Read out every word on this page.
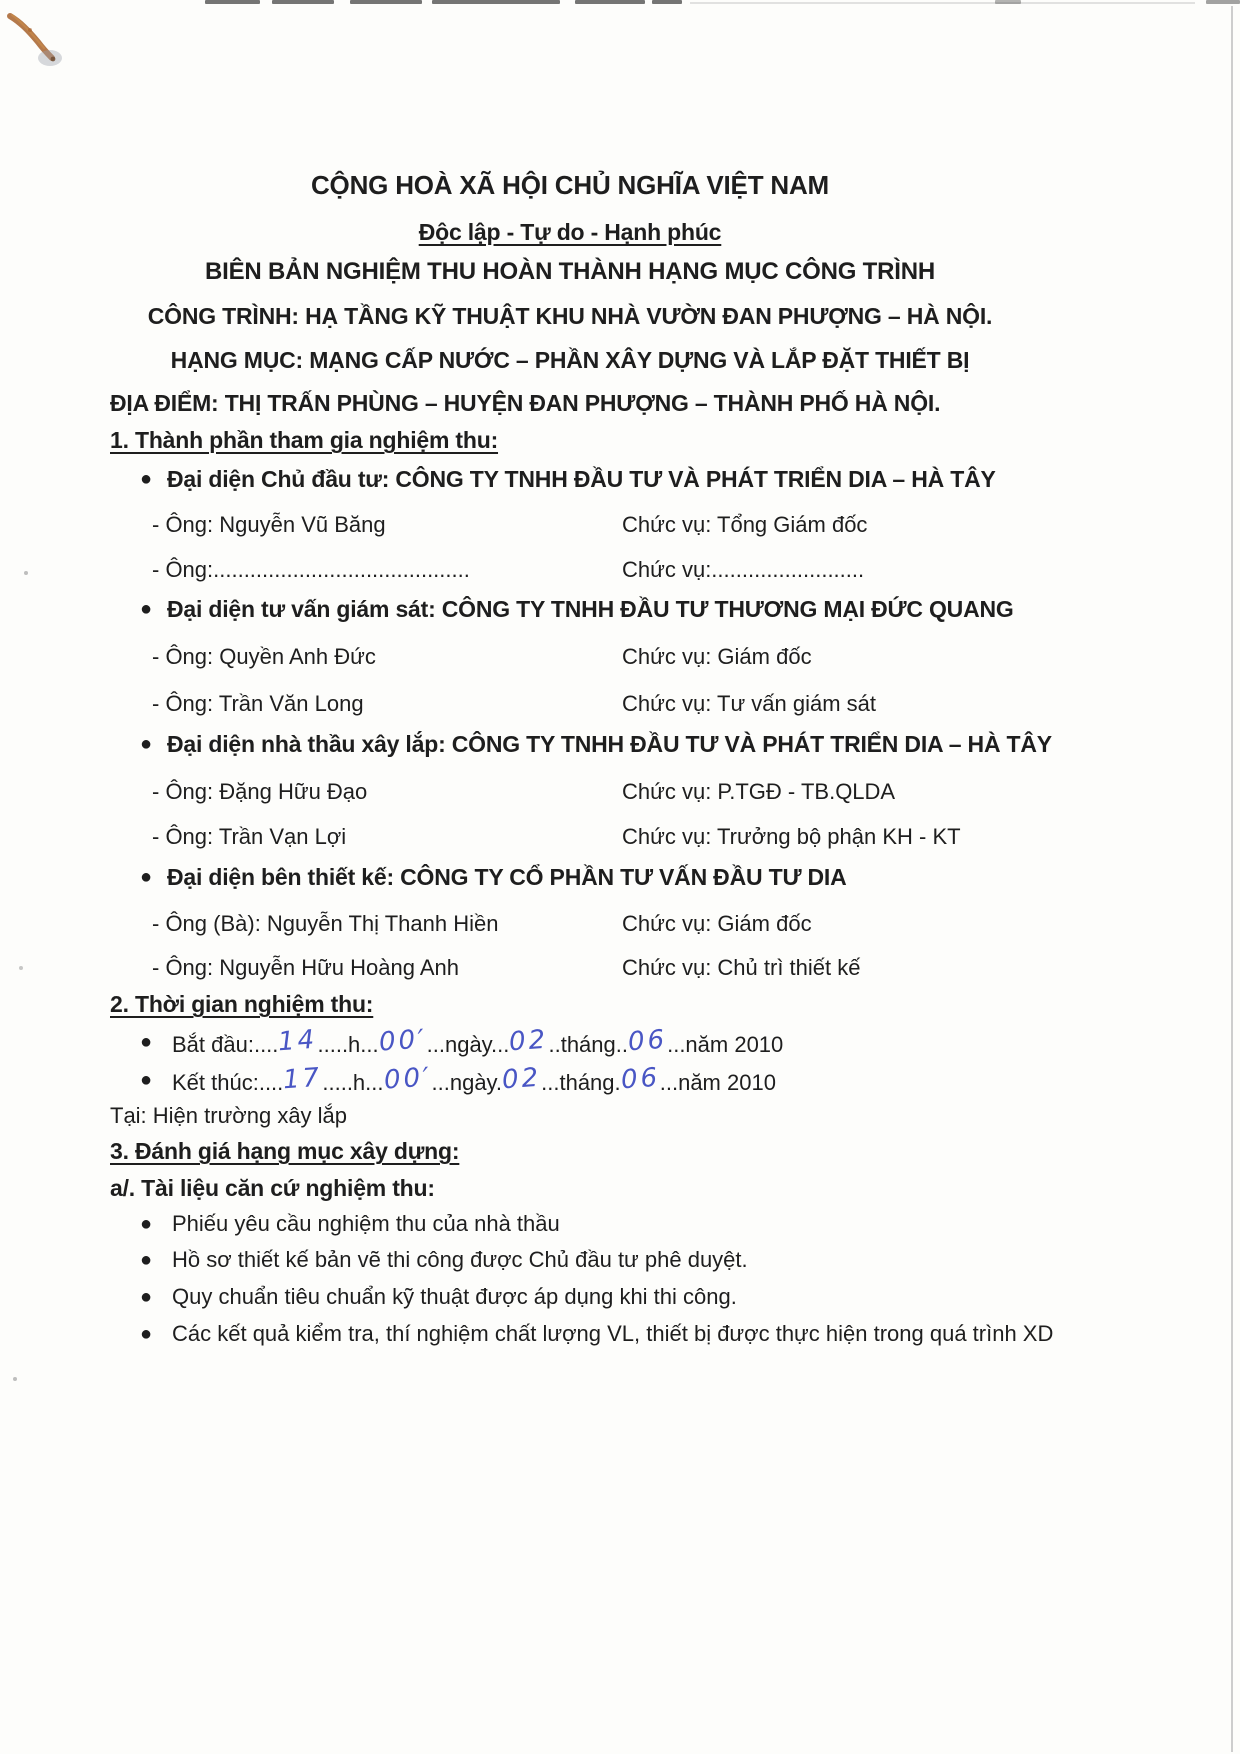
CỘNG HOÀ XÃ HỘI CHỦ NGHĨA VIỆT NAM
Độc lập - Tự do - Hạnh phúc
BIÊN BẢN NGHIỆM THU HOÀN THÀNH HẠNG MỤC CÔNG TRÌNH
CÔNG TRÌNH: HẠ TẦNG KỸ THUẬT KHU NHÀ VƯỜN ĐAN PHƯỢNG – HÀ NỘI.
HẠNG MỤC: MẠNG CẤP NƯỚC – PHẦN XÂY DỰNG VÀ LẮP ĐẶT THIẾT BỊ
ĐỊA ĐIỂM: THỊ TRẤN PHÙNG – HUYỆN ĐAN PHƯỢNG – THÀNH PHỐ HÀ NỘI.
1. Thành phần tham gia nghiệm thu:
● Đại diện Chủ đầu tư: CÔNG TY TNHH ĐẦU TƯ VÀ PHÁT TRIỂN DIA – HÀ TÂY
- Ông: Nguyễn Vũ Băng	Chức vụ: Tổng Giám đốc
- Ông:..........................................	Chức vụ:.........................
● Đại diện tư vấn giám sát: CÔNG TY TNHH ĐẦU TƯ THƯƠNG MẠI ĐỨC QUANG
- Ông: Quyền Anh Đức	Chức vụ: Giám đốc
- Ông: Trần Văn Long	Chức vụ: Tư vấn giám sát
● Đại diện nhà thầu xây lắp: CÔNG TY TNHH ĐẦU TƯ VÀ PHÁT TRIỂN DIA – HÀ TÂY
- Ông: Đặng Hữu Đạo	Chức vụ: P.TGĐ - TB.QLDA
- Ông: Trần Vạn Lợi	Chức vụ: Trưởng bộ phận KH - KT
● Đại diện bên thiết kế: CÔNG TY CỔ PHẦN TƯ VẤN ĐẦU TƯ DIA
- Ông (Bà): Nguyễn Thị Thanh Hiền	Chức vụ: Giám đốc
- Ông: Nguyễn Hữu Hoàng Anh	Chức vụ: Chủ trì thiết kế
2. Thời gian nghiệm thu:
● Bắt đầu:....14.....h...00′...ngày...02..tháng..06...năm 2010
● Kết thúc:....17.....h...00′...ngày.02...tháng.06...năm 2010
Tại: Hiện trường xây lắp
3. Đánh giá hạng mục xây dựng:
a/. Tài liệu căn cứ nghiệm thu:
● Phiếu yêu cầu nghiệm thu của nhà thầu
● Hồ sơ thiết kế bản vẽ thi công được Chủ đầu tư phê duyệt.
● Quy chuẩn tiêu chuẩn kỹ thuật được áp dụng khi thi công.
● Các kết quả kiểm tra, thí nghiệm chất lượng VL, thiết bị được thực hiện trong quá trình XD
